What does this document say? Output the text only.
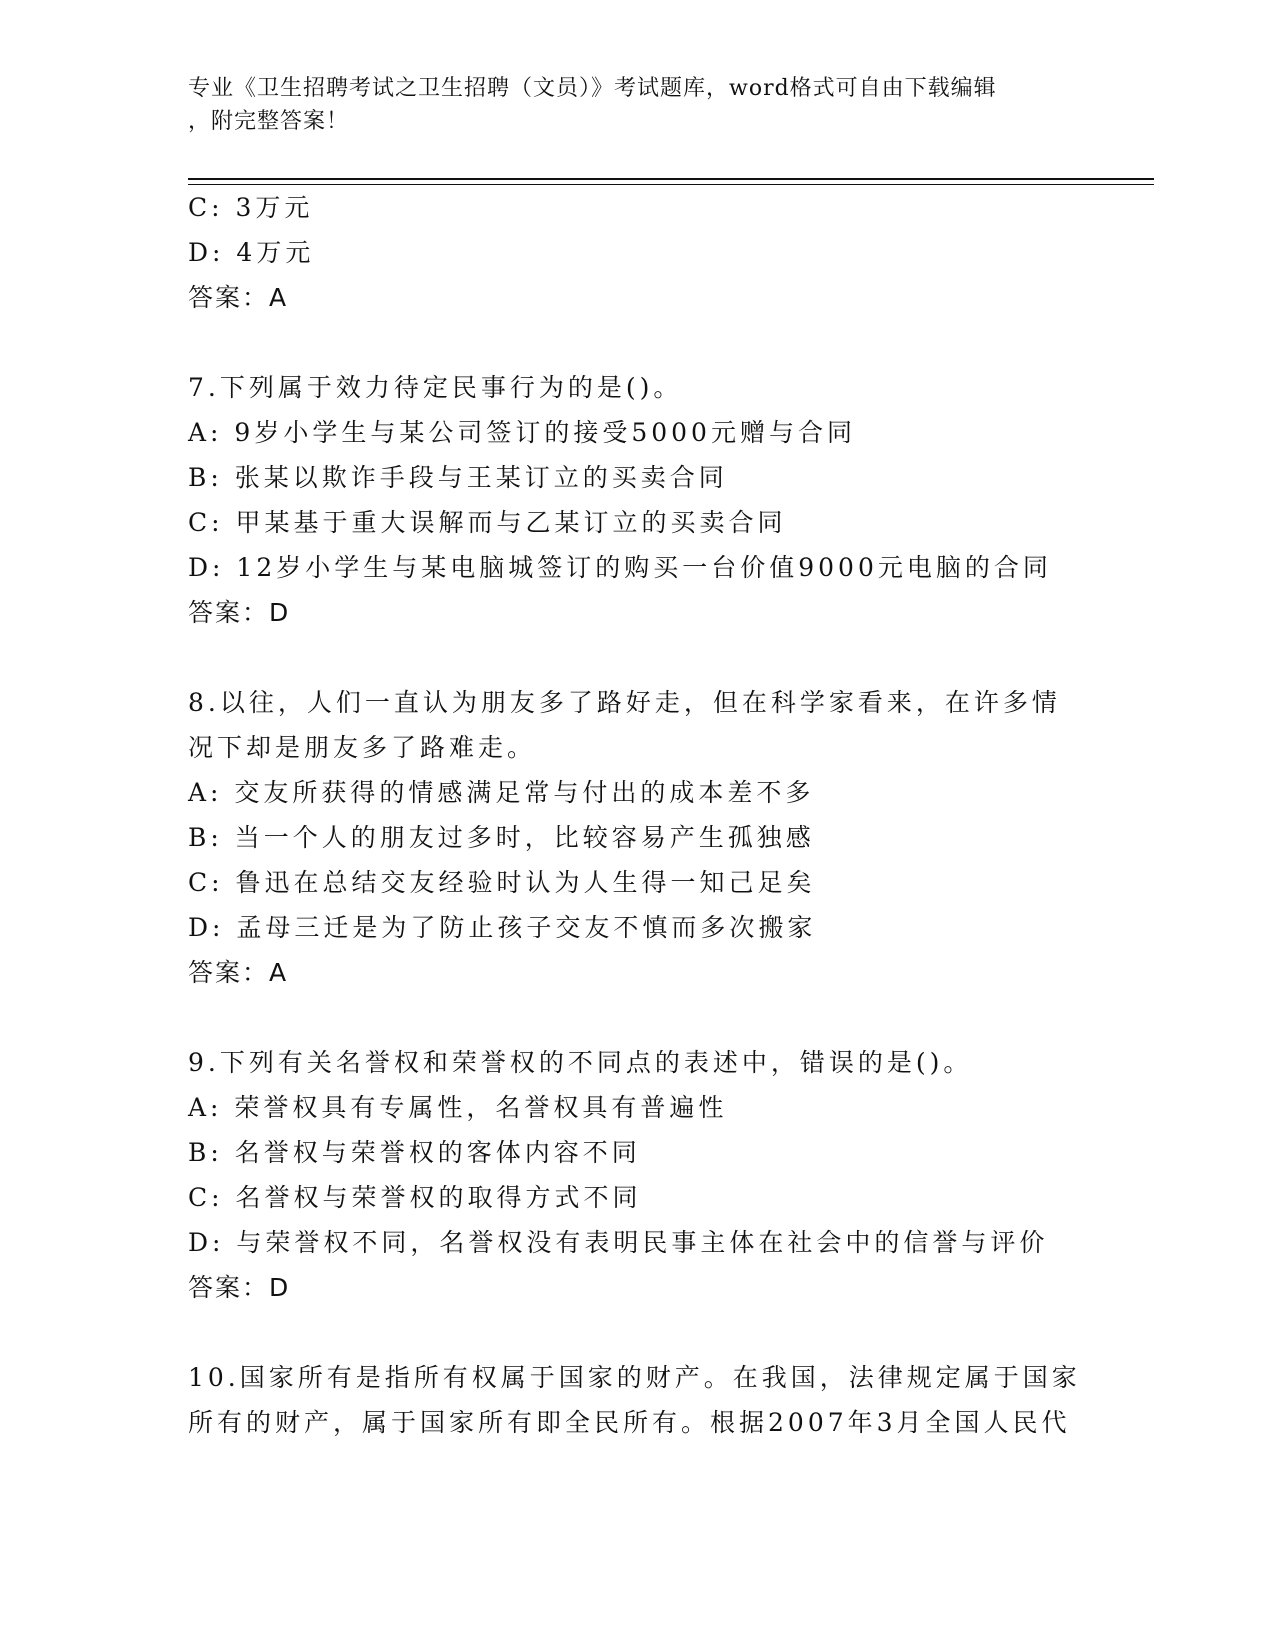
专业《卫生招聘考试之卫生招聘（文员）》考试题库，word格式可自由下载编辑
，附完整答案！
C: 3万元
D: 4万元
答案：A
7.下列属于效力待定民事行为的是()。
A: 9岁小学生与某公司签订的接受5000元赠与合同
B: 张某以欺诈手段与王某订立的买卖合同
C: 甲某基于重大误解而与乙某订立的买卖合同
D: 12岁小学生与某电脑城签订的购买一台价值9000元电脑的合同
答案：D
8.以往，人们一直认为朋友多了路好走，但在科学家看来，在许多情
况下却是朋友多了路难走。
A: 交友所获得的情感满足常与付出的成本差不多
B: 当一个人的朋友过多时，比较容易产生孤独感
C: 鲁迅在总结交友经验时认为人生得一知己足矣
D: 孟母三迁是为了防止孩子交友不慎而多次搬家
答案：A
9.下列有关名誉权和荣誉权的不同点的表述中，错误的是()。
A: 荣誉权具有专属性，名誉权具有普遍性
B: 名誉权与荣誉权的客体内容不同
C: 名誉权与荣誉权的取得方式不同
D: 与荣誉权不同，名誉权没有表明民事主体在社会中的信誉与评价
答案：D
10.国家所有是指所有权属于国家的财产。在我国，法律规定属于国家
所有的财产，属于国家所有即全民所有。根据2007年3月全国人民代
